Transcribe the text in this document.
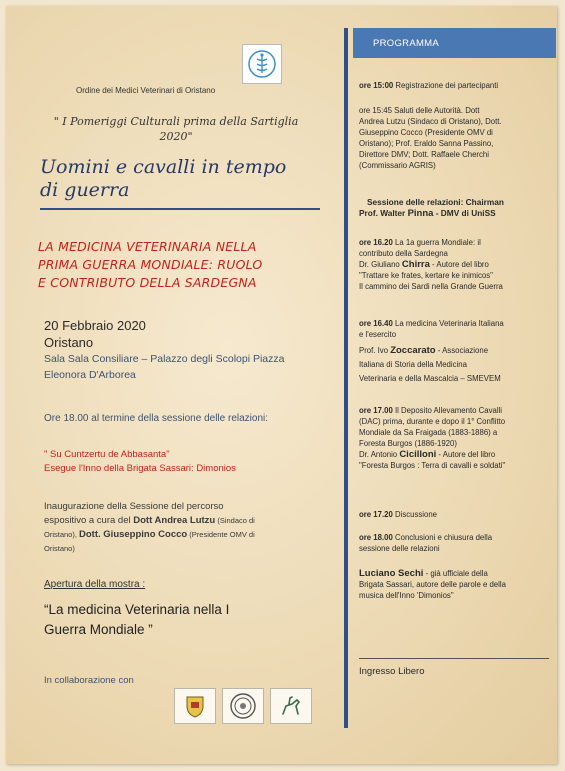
Ordine dei Medici Veterinari di Oristano
" I Pomeriggi Culturali prima della Sartiglia
2020"
Uomini e cavalli in tempo
di guerra
LA MEDICINA VETERINARIA NELLA
PRIMA GUERRA MONDIALE: RUOLO
E CONTRIBUTO DELLA SARDEGNA
20 Febbraio 2020
Oristano
Sala Sala Consiliare – Palazzo degli Scolopi Piazza
Eleonora D'Arborea
Ore 18.00 al termine della sessione delle relazioni:
" Su Cuntzertu de Abbasanta"
Esegue l'Inno della Brigata Sassari: Dimonios
Inaugurazione della Sessione del percorso
espositivo a cura del Dott Andrea Lutzu (Sindaco di
Oristano), Dott. Giuseppino Cocco (Presidente OMV di
Oristano)
Apertura della mostra :
“La medicina Veterinaria nella I
Guerra Mondiale ”
In collaborazione con
PROGRAMMA
ore 15:00 Registrazione dei partecipanti
ore 15:45 Saluti delle Autorità. Dott
Andrea Lutzu (Sindaco di Oristano), Dott.
Giuseppino Cocco (Presidente OMV di
Oristano); Prof. Eraldo Sanna Passino,
Direttore DMV; Dott. Raffaele Cherchi
(Commissario AGRIS)
Sessione delle relazioni: Chairman
Prof. Walter Pinna - DMV di UniSS
ore 16.20 La 1a guerra Mondiale: il
contributo della Sardegna
Dr. Giuliano Chirra - Autore del libro
"Trattare ke frates, kertare ke inimicos"
Il cammino dei Sardi nella Grande Guerra
ore 16.40 La medicina Veterinaria Italiana
e l'esercito
Prof. Ivo Zoccarato - Associazione
Italiana di Storia della Medicina
Veterinaria e della Mascalcia – SMEVEM
ore 17.00 Il Deposito Allevamento Cavalli
(DAC) prima, durante e dopo il 1° Conflitto
Mondiale da Sa Fraigada (1883-1886) a
Foresta Burgos (1886-1920)
Dr. Antonio Cicilloni - Autore del libro
"Foresta Burgos : Terra di cavalli e soldati"
ore 17.20 Discussione
ore 18.00 Conclusioni e chiusura della
sessione delle relazioni
Luciano Sechi - già ufficiale della
Brigata Sassari, autore delle parole e della
musica dell'Inno 'Dimonios"
Ingresso Libero
